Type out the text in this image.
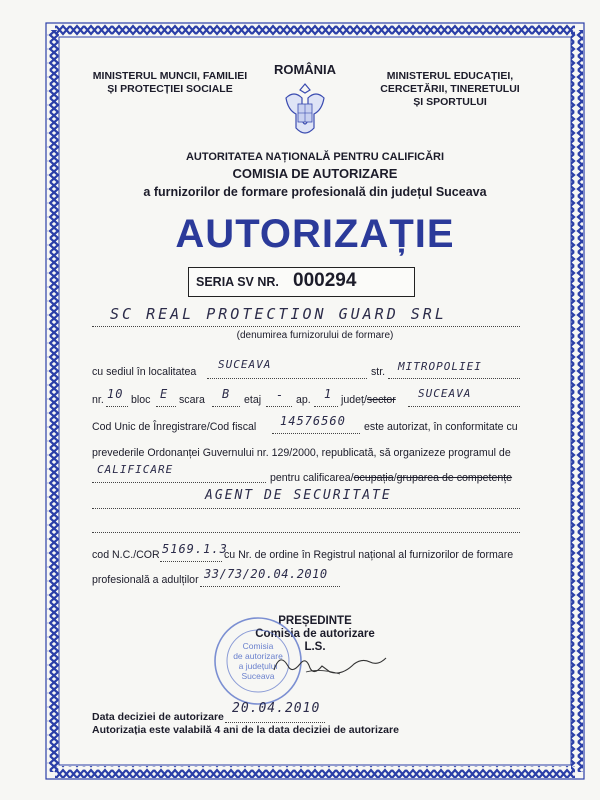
MINISTERUL MUNCII, FAMILIEI
ȘI PROTECȚIEI SOCIALE
ROMÂNIA	MINISTERUL EDUCAȚIEI,
CERCETĂRII, TINERETULUI
ȘI SPORTULUI
AUTORITATEA NAȚIONALĂ PENTRU CALIFICĂRI
COMISIA DE AUTORIZARE
a furnizorilor de formare profesională din județul Suceava
AUTORIZAȚIE
SERIA SV NR. 000294
SC REAL PROTECTION GUARD SRL
(denumirea furnizorului de formare)
cu sediul în localitatea
SUCEAVA
str. MITROPOLIEI
nr. 10 bloc E scara B etaj - ap. 1 județ/sector SUCEAVA
Cod Unic de Înregistrare/Cod fiscal 14576560 este autorizat, în conformitate cu
prevederile Ordonanței Guvernului nr. 129/2000, republicată, să organizeze programul de
CALIFICARE
pentru calificarea/ocupația/gruparea de competențe
AGENT DE SECURITATE
cod N.C./COR 5169.1.3
cu Nr. de ordine în Registrul național al furnizorilor de formare
profesională a adulților 33/73/20.04.2010
PREȘEDINTE
Comisia de autorizare
L.S.
Comisia
de autorizare
a județului
Suceava
Data deciziei de autorizare
20.04.2010
Autorizația este valabilă 4 ani de la data deciziei de autorizare
